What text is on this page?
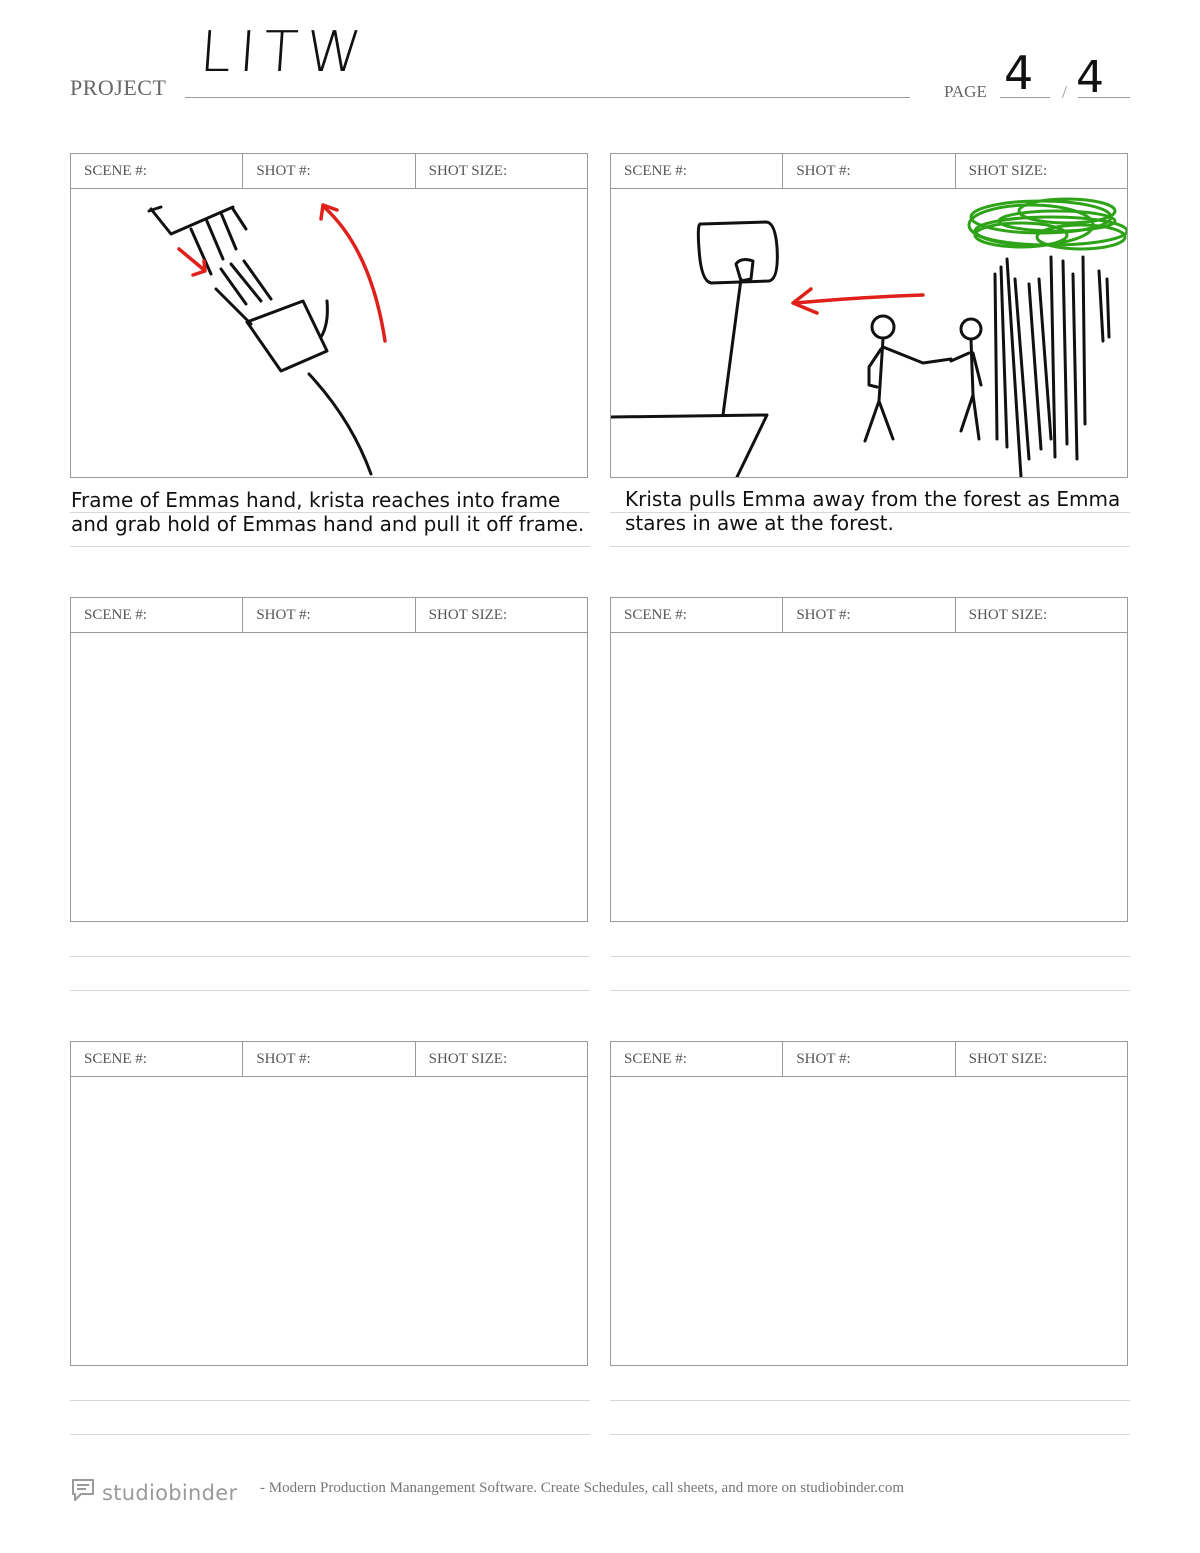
PROJECT
LITW
PAGE	/
4 4
SCENE #:	SHOT #:	SHOT SIZE:	SCENE #:	SHOT #:	SHOT SIZE:
Frame of Emmas hand, krista reaches into frame
and grab hold of Emmas hand and pull it off frame.
Krista pulls Emma away from the forest as Emma
stares in awe at the forest.
SCENE #:	SHOT #:	SHOT SIZE:	SCENE #:	SHOT #:	SHOT SIZE:
SCENE #:	SHOT #:	SHOT SIZE:	SCENE #:	SHOT #:	SHOT SIZE:
studiobinder - Modern Production Manangement Software. Create Schedules, call sheets, and more on studiobinder.com
